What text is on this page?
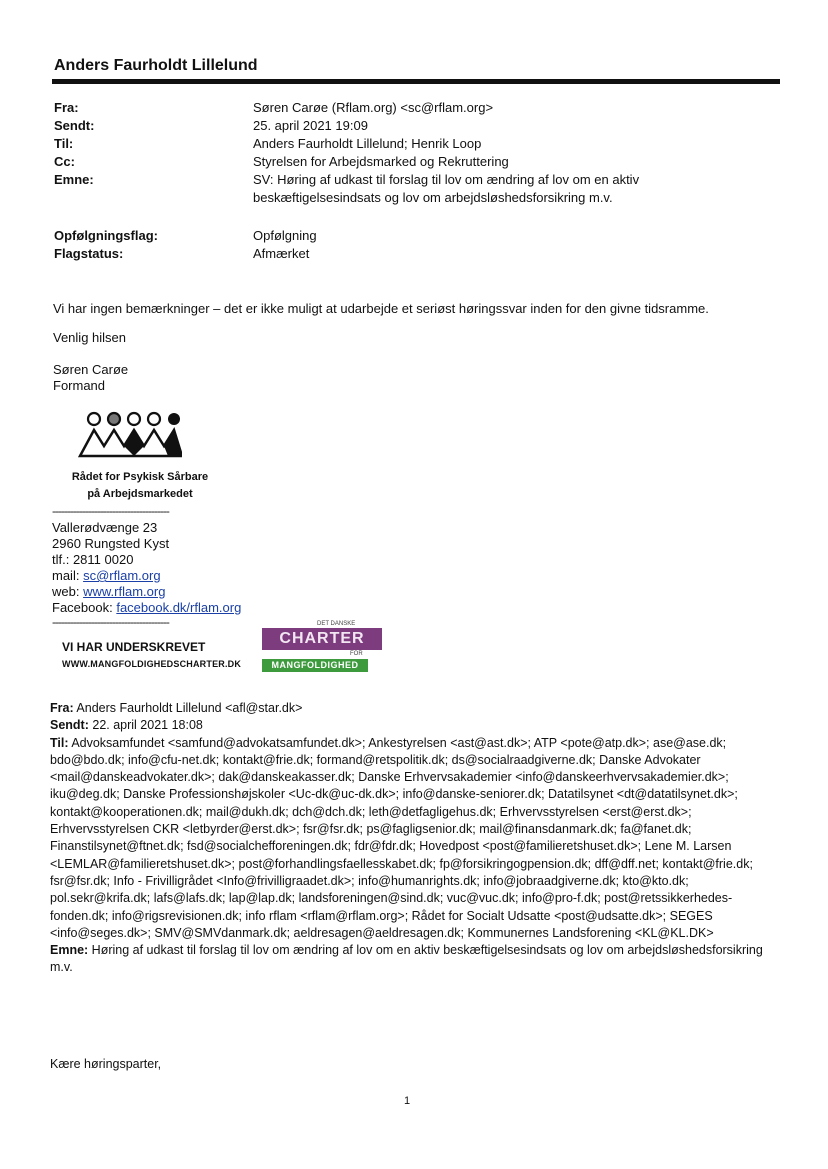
Anders Faurholdt Lillelund
Fra:	Søren Carøe (Rflam.org) <sc@rflam.org>
Sendt:	25. april 2021 19:09
Til:	Anders Faurholdt Lillelund; Henrik Loop
Cc:	Styrelsen for Arbejdsmarked og Rekruttering
Emne:	SV: Høring af udkast til forslag til lov om ændring af lov om en aktiv
beskæftigelsesindsats og lov om arbejdsløshedsforsikring m.v.
Opfølgningsflag:	Opfølgning
Flagstatus:	Afmærket
Vi har ingen bemærkninger – det er ikke muligt at udarbejde et seriøst høringssvar inden for den givne tidsramme.
Venlig hilsen
Søren Carøe
Formand
Rådet for Psykisk Sårbare
på Arbejdsmarkedet
---------------------------------------
Vallerødvænge 23
2960 Rungsted Kyst
tlf.: 2811 0020
mail: sc@rflam.org
web: www.rflam.org
Facebook: facebook.dk/rflam.org
---------------------------------------
VI HAR UNDERSKREVET
WWW.MANGFOLDIGHEDSCHARTER.DK
DET DANSKE
CHARTER
FOR
MANGFOLDIGHED
Fra: Anders Faurholdt Lillelund <afl@star.dk>
Sendt: 22. april 2021 18:08
Til: Advoksamfundet <samfund@advokatsamfundet.dk>; Ankestyrelsen <ast@ast.dk>; ATP <pote@atp.dk>; ase@ase.dk; bdo@bdo.dk; info@cfu-net.dk; kontakt@frie.dk; formand@retspolitik.dk; ds@socialraadgiverne.dk; Danske Advokater <mail@danskeadvokater.dk>; dak@danskeakasser.dk; Danske Erhvervsakademier <info@danskeerhvervsakademier.dk>; iku@deg.dk; Danske Professionshøjskoler <Uc-dk@uc-dk.dk>; info@danske-seniorer.dk; Datatilsynet <dt@datatilsynet.dk>; kontakt@kooperationen.dk; mail@dukh.dk; dch@dch.dk; leth@detfagligehus.dk; Erhvervsstyrelsen <erst@erst.dk>; Erhvervsstyrelsen CKR <letbyrder@erst.dk>; fsr@fsr.dk; ps@fagligsenior.dk; mail@finansdanmark.dk; fa@fanet.dk; Finanstilsynet@ftnet.dk; fsd@socialchefforeningen.dk; fdr@fdr.dk; Hovedpost <post@familieretshuset.dk>; Lene M. Larsen <LEMLAR@familieretshuset.dk>; post@forhandlingsfaellesskabet.dk; fp@forsikringogpension.dk; dff@dff.net; kontakt@frie.dk; fsr@fsr.dk; Info - Frivilligrådet <Info@frivilligraadet.dk>; info@humanrights.dk; info@jobraadgiverne.dk; kto@kto.dk; pol.sekr@krifa.dk; lafs@lafs.dk; lap@lap.dk; landsforeningen@sind.dk; vuc@vuc.dk; info@pro-f.dk; post@retssikkerhedes-fonden.dk; info@rigsrevisionen.dk; info rflam <rflam@rflam.org>; Rådet for Socialt Udsatte <post@udsatte.dk>; SEGES <info@seges.dk>; SMV@SMVdanmark.dk; aeldresagen@aeldresagen.dk; Kommunernes Landsforening <KL@KL.DK>
Emne: Høring af udkast til forslag til lov om ændring af lov om en aktiv beskæftigelsesindsats og lov om arbejdsløshedsforsikring m.v.
Kære høringsparter,
1
